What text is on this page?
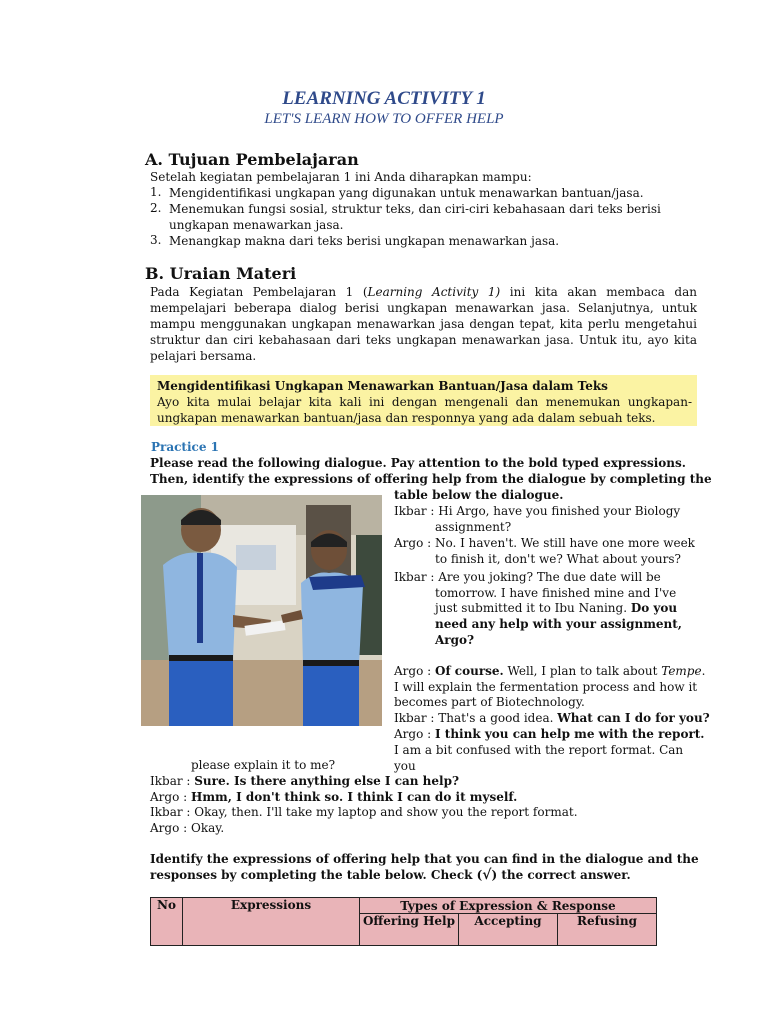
LEARNING ACTIVITY 1
LET'S LEARN HOW TO OFFER HELP
A. Tujuan Pembelajaran
Setelah kegiatan pembelajaran 1 ini Anda diharapkan mampu:
1. Mengidentifikasi ungkapan yang digunakan untuk menawarkan bantuan/jasa.
2. Menemukan fungsi sosial, struktur teks, dan ciri-ciri kebahasaan dari teks berisi
ungkapan menawarkan jasa.
3. Menangkap makna dari teks berisi ungkapan menawarkan jasa.
B. Uraian Materi
Pada Kegiatan Pembelajaran 1 (Learning Activity 1) ini kita akan membaca dan mempelajari beberapa dialog berisi ungkapan menawarkan jasa. Selanjutnya, untuk mampu menggunakan ungkapan menawarkan jasa dengan tepat, kita perlu mengetahui struktur dan ciri kebahasaan dari teks ungkapan menawarkan jasa. Untuk itu, ayo kita pelajari bersama.
Mengidentifikasi Ungkapan Menawarkan Bantuan/Jasa dalam Teks
Ayo kita mulai belajar kita kali ini dengan mengenali dan menemukan ungkapan-ungkapan menawarkan bantuan/jasa dan responnya yang ada dalam sebuah teks.
Practice 1
Please read the following dialogue. Pay attention to the bold typed expressions.
Then, identify the expressions of offering help from the dialogue by completing the
table below the dialogue.
Ikbar : Hi Argo, have you finished your Biology
assignment?
Argo : No. I haven't. We still have one more week
to finish it, don't we? What about yours?
Ikbar : Are you joking? The due date will be
tomorrow. I have finished mine and I've
just submitted it to Ibu Naning. Do you
need any help with your assignment,
Argo?
Argo : Of course. Well, I plan to talk about Tempe.
I will explain the fermentation process and how it
becomes part of Biotechnology.
Ikbar : That's a good idea. What can I do for you?
Argo : I think you can help me with the report.
I am a bit confused with the report format. Can
you
please explain it to me?
Ikbar : Sure. Is there anything else I can help?
Argo : Hmm, I don't think so. I think I can do it myself.
Ikbar : Okay, then. I'll take my laptop and show you the report format.
Argo : Okay.
Identify the expressions of offering help that you can find in the dialogue and the
responses by completing the table below. Check (√) the correct answer.
No	Expressions	Types of Expression & Response		
		Offering Help	Accepting	Refusing
